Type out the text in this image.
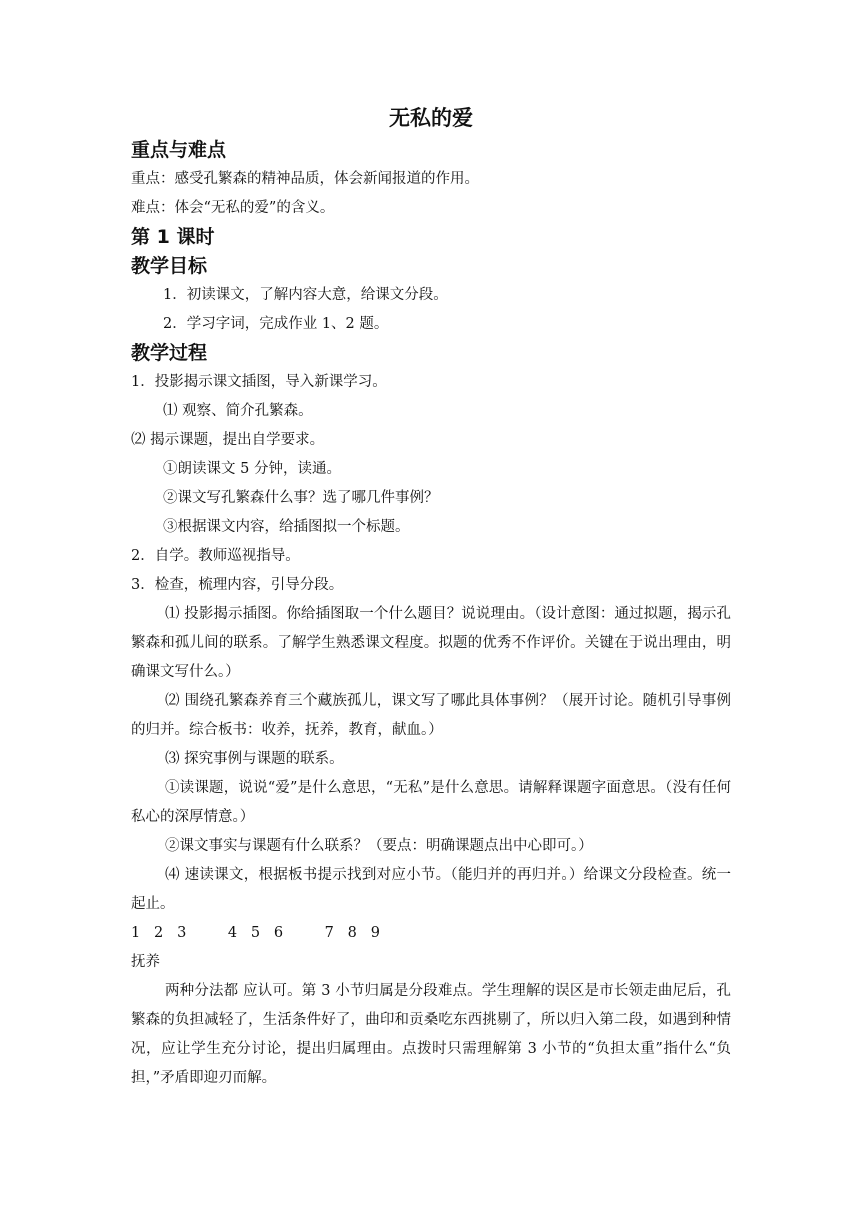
无私的爱
重点与难点
重点：感受孔繁森的精神品质，体会新闻报道的作用。
难点：体会“无私的爱”的含义。
第 1 课时
教学目标
1．初读课文，了解内容大意，给课文分段。
2．学习字词，完成作业 1、2 题。
教学过程
1．投影揭示课文插图，导入新课学习。
⑴ 观察、简介孔繁森。
⑵ 揭示课题，提出自学要求。
①朗读课文 5 分钟，读通。
②课文写孔繁森什么事？选了哪几件事例？
③根据课文内容，给插图拟一个标题。
2．自学。教师巡视指导。
3．检查，梳理内容，引导分段。
⑴ 投影揭示插图。你给插图取一个什么题目？说说理由。（设计意图：通过拟题，揭示孔繁森和孤儿间的联系。了解学生熟悉课文程度。拟题的优秀不作评价。关键在于说出理由，明确课文写什么。）
⑵ 围绕孔繁森养育三个藏族孤儿，课文写了哪此具体事例？（展开讨论。随机引导事例的归并。综合板书：收养，抚养，教育，献血。）
⑶ 探究事例与课题的联系。
①读课题，说说“爱”是什么意思，“无私”是什么意思。请解释课题字面意思。（没有任何私心的深厚情意。）
②课文事实与课题有什么联系？（要点：明确课题点出中心即可。）
⑷ 速读课文，根据板书提示找到对应小节。（能归并的再归并。）给课文分段检查。统一起止。
1   2   3         4   5   6         7   8   9
抚养
两种分法都 应认可。第 3 小节归属是分段难点。学生理解的误区是市长领走曲尼后，孔繁森的负担减轻了，生活条件好了，曲印和贡桑吃东西挑剔了，所以归入第二段，如遇到种情况，应让学生充分讨论，提出归属理由。点拨时只需理解第 3 小节的“负担太重”指什么“负担，”矛盾即迎刃而解。
